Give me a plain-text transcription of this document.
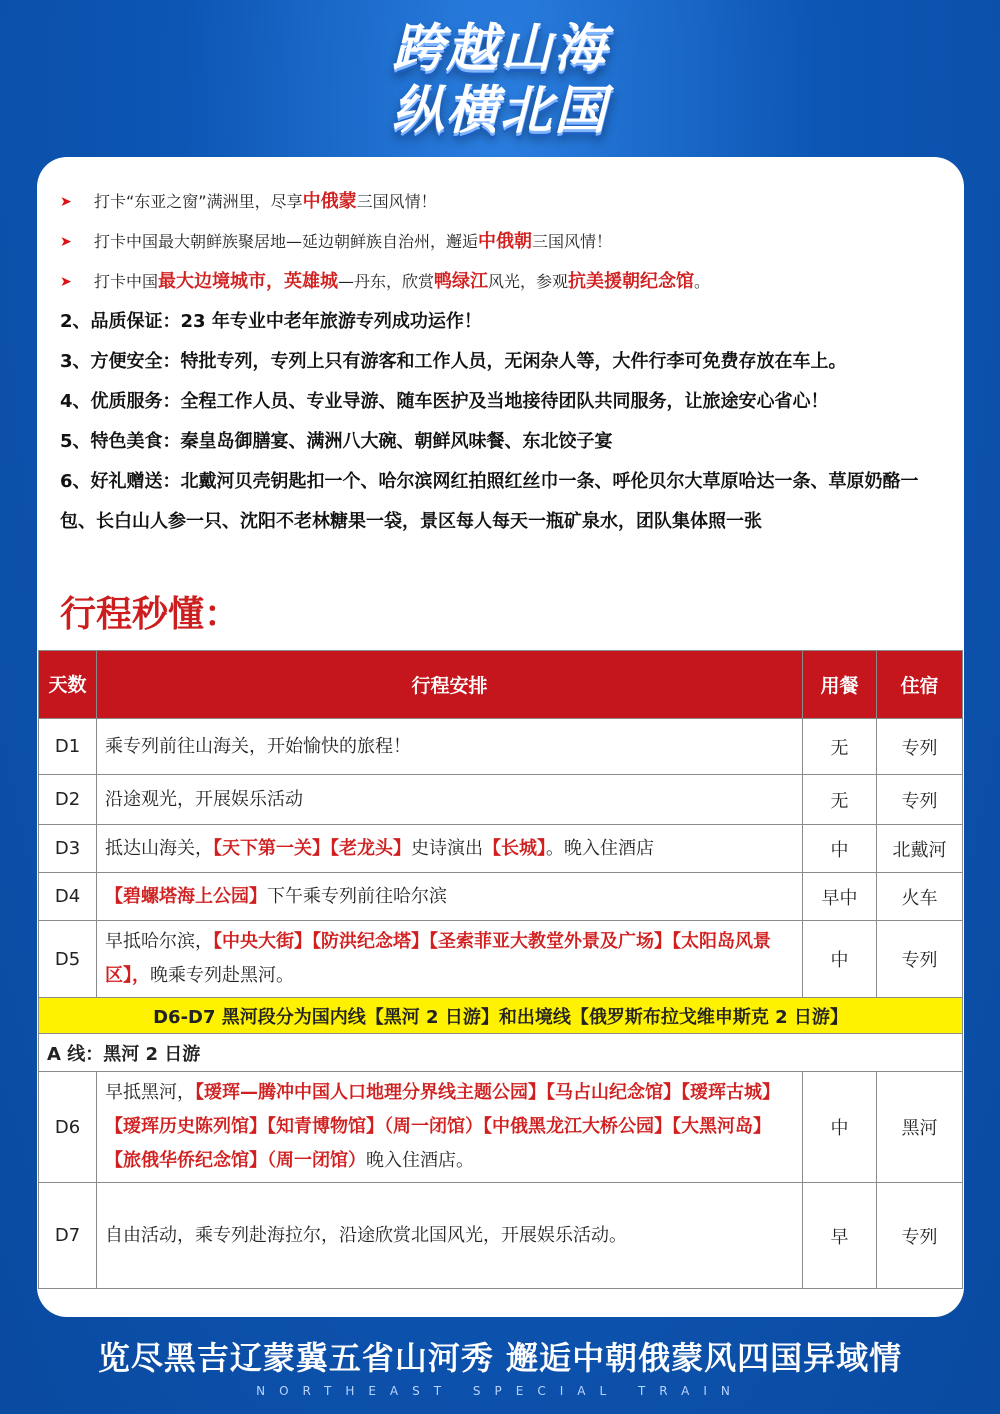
跨越山海
纵横北国
➤	打卡“东亚之窗”满洲里，尽享中俄蒙三国风情！
➤	打卡中国最大朝鲜族聚居地—延边朝鲜族自治州，邂逅中俄朝三国风情！
➤	打卡中国最大边境城市，英雄城—丹东，欣赏鸭绿江风光，参观抗美援朝纪念馆。
2、品质保证：23 年专业中老年旅游专列成功运作！
3、方便安全：特批专列，专列上只有游客和工作人员，无闲杂人等，大件行李可免费存放在车上。
4、优质服务：全程工作人员、专业导游、随车医护及当地接待团队共同服务，让旅途安心省心！
5、特色美食：秦皇岛御膳宴、满洲八大碗、朝鲜风味餐、东北饺子宴
6、好礼赠送：北戴河贝壳钥匙扣一个、哈尔滨网红拍照红丝巾一条、呼伦贝尔大草原哈达一条、草原奶酪一包、长白山人参一只、沈阳不老林糖果一袋，景区每人每天一瓶矿泉水，团队集体照一张
行程秒懂：
天数	行程安排	用餐	住宿
D1	乘专列前往山海关，开始愉快的旅程！	无	专列
D2	沿途观光，开展娱乐活动	无	专列
D3	抵达山海关，【天下第一关】【老龙头】史诗演出【长城】。晚入住酒店	中	北戴河
D4	【碧螺塔海上公园】下午乘专列前往哈尔滨	早中	火车
D5	早抵哈尔滨，【中央大街】【防洪纪念塔】【圣索菲亚大教堂外景及广场】【太阳岛风景区】，晚乘专列赴黑河。	中	专列
D6-D7 黑河段分为国内线【黑河 2 日游】和出境线【俄罗斯布拉戈维申斯克 2 日游】			
A 线：黑河 2 日游			
D6	早抵黑河，【瑷珲—腾冲中国人口地理分界线主题公园】【马占山纪念馆】【瑷珲古城】【瑷珲历史陈列馆】【知青博物馆】（周一闭馆）【中俄黑龙江大桥公园】【大黑河岛】【旅俄华侨纪念馆】（周一闭馆）晚入住酒店。	中	黑河
D7	自由活动，乘专列赴海拉尔，沿途欣赏北国风光，开展娱乐活动。	早	专列
览尽黑吉辽蒙冀五省山河秀 邂逅中朝俄蒙风四国异域情
NORTHEAST SPECIAL TRAIN
